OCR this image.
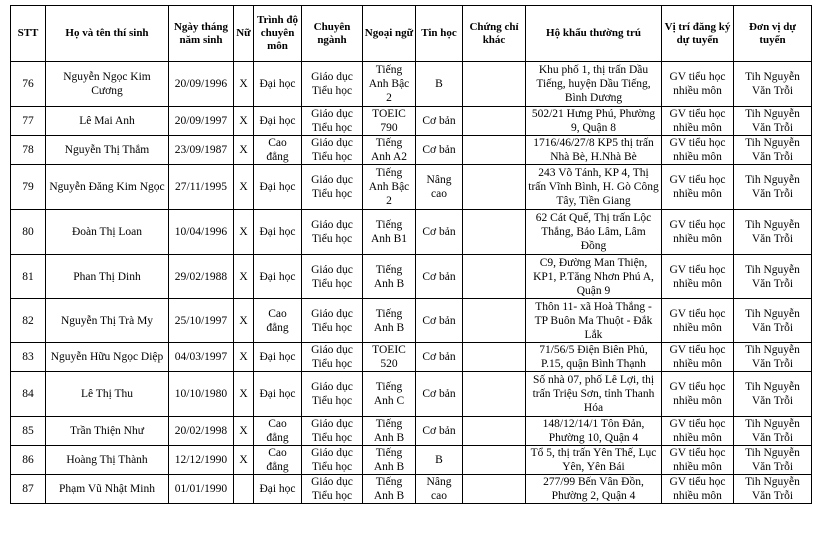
STT	Họ và tên thí sinh	Ngày tháng năm sinh	Nữ	Trình độ chuyên môn	Chuyên ngành	Ngoại ngữ	Tin học	Chứng chỉ khác	Hộ khẩu thường trú	Vị trí đăng ký dự tuyển	Đơn vị dự tuyển
76	Nguyễn Ngọc Kim Cương	20/09/1996	X	Đại học	Giáo dục Tiểu học	Tiếng Anh Bậc 2	B		Khu phố 1, thị trấn Dầu Tiếng, huyện Dầu Tiếng, Bình Dương	GV tiểu học nhiều môn	Tih Nguyễn Văn Trỗi
77	Lê Mai Anh	20/09/1997	X	Đại học	Giáo dục Tiểu học	TOEIC 790	Cơ bản		502/21 Hưng Phú, Phường 9, Quận 8	GV tiểu học nhiều môn	Tih Nguyễn Văn Trỗi
78	Nguyễn Thị Thắm	23/09/1987	X	Cao đẳng	Giáo dục Tiểu học	Tiếng Anh A2	Cơ bản		1716/46/27/8 KP5 thị trấn Nhà Bè, H.Nhà Bè	GV tiểu học nhiều môn	Tih Nguyễn Văn Trỗi
79	Nguyễn Đăng Kim Ngọc	27/11/1995	X	Đại học	Giáo dục Tiểu học	Tiếng Anh Bậc 2	Nâng cao		243 Võ Tánh, KP 4, Thị trấn Vĩnh Bình, H. Gò Công Tây, Tiền Giang	GV tiểu học nhiều môn	Tih Nguyễn Văn Trỗi
80	Đoàn Thị Loan	10/04/1996	X	Đại học	Giáo dục Tiểu học	Tiếng Anh B1	Cơ bản		62 Cát Quế, Thị trấn Lộc Thắng, Bảo Lâm, Lâm Đồng	GV tiểu học nhiều môn	Tih Nguyễn Văn Trỗi
81	Phan Thị Dinh	29/02/1988	X	Đại học	Giáo dục Tiểu học	Tiếng Anh B	Cơ bản		C9, Đường Man Thiện, KP1, P.Tăng Nhơn Phú A, Quận 9	GV tiểu học nhiều môn	Tih Nguyễn Văn Trỗi
82	Nguyễn Thị Trà My	25/10/1997	X	Cao đẳng	Giáo dục Tiểu học	Tiếng Anh B	Cơ bản		Thôn 11- xã Hoà Thắng - TP Buôn Ma Thuột - Đắk Lắk	GV tiểu học nhiều môn	Tih Nguyễn Văn Trỗi
83	Nguyễn Hữu Ngọc Diệp	04/03/1997	X	Đại học	Giáo dục Tiểu học	TOEIC 520	Cơ bản		71/56/5 Điện Biên Phủ, P.15, quận Bình Thạnh	GV tiểu học nhiều môn	Tih Nguyễn Văn Trỗi
84	Lê Thị Thu	10/10/1980	X	Đại học	Giáo dục Tiểu học	Tiếng Anh C	Cơ bản		Số nhà 07, phố Lê Lợi, thị trấn Triệu Sơn, tỉnh Thanh Hóa	GV tiểu học nhiều môn	Tih Nguyễn Văn Trỗi
85	Trần Thiện Như	20/02/1998	X	Cao đẳng	Giáo dục Tiểu học	Tiếng Anh B	Cơ bản		148/12/14/1 Tôn Đản, Phường 10, Quận 4	GV tiểu học nhiều môn	Tih Nguyễn Văn Trỗi
86	Hoàng Thị Thành	12/12/1990	X	Cao đẳng	Giáo dục Tiểu học	Tiếng Anh B	B		Tổ 5, thị trấn Yên Thế, Lục Yên, Yên Bái	GV tiểu học nhiều môn	Tih Nguyễn Văn Trỗi
87	Phạm Vũ Nhật Minh	01/01/1990		Đại học	Giáo dục Tiểu học	Tiếng Anh B	Nâng cao		277/99 Bến Vân Đồn, Phường 2, Quận 4	GV tiểu học nhiều môn	Tih Nguyễn Văn Trỗi
